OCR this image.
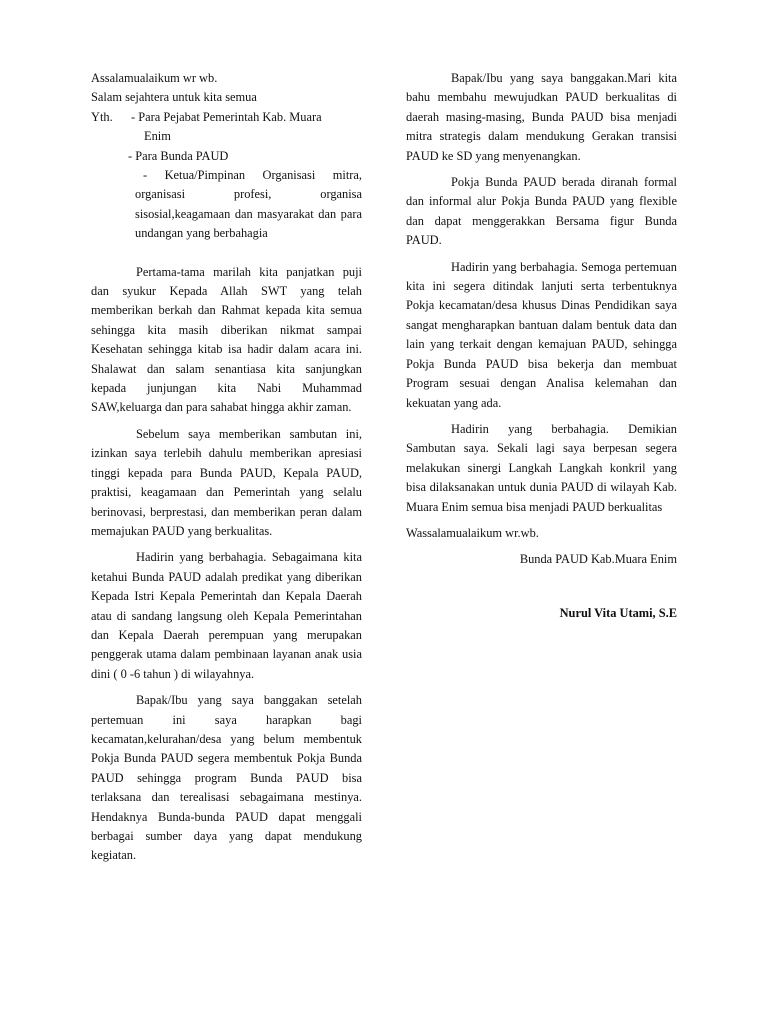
Assalamualaikum wr wb.
Salam sejahtera untuk kita semua
Yth. - Para Pejabat Pemerintah Kab. Muara
Enim
- Para Bunda PAUD
- Ketua/Pimpinan Organisasi mitra, organisasi profesi, organisa sisosial,keagamaan dan masyarakat dan para undangan yang berbahagia
Pertama-tama marilah kita panjatkan puji dan syukur Kepada Allah SWT yang telah memberikan berkah dan Rahmat kepada kita semua sehingga kita masih diberikan nikmat sampai Kesehatan sehingga kitab isa hadir dalam acara ini. Shalawat dan salam senantiasa kita sanjungkan kepada junjungan kita Nabi Muhammad SAW,keluarga dan para sahabat hingga akhir zaman.
Sebelum saya memberikan sambutan ini, izinkan saya terlebih dahulu memberikan apresiasi tinggi kepada para Bunda PAUD, Kepala PAUD, praktisi, keagamaan dan Pemerintah yang selalu berinovasi, berprestasi, dan memberikan peran dalam memajukan PAUD yang berkualitas.
Hadirin yang berbahagia. Sebagaimana kita ketahui Bunda PAUD adalah predikat yang diberikan Kepada Istri Kepala Pemerintah dan Kepala Daerah atau di sandang langsung oleh Kepala Pemerintahan dan Kepala Daerah perempuan yang merupakan penggerak utama dalam pembinaan layanan anak usia dini ( 0 -6 tahun ) di wilayahnya.
Bapak/Ibu yang saya banggakan setelah pertemuan ini saya harapkan bagi kecamatan,kelurahan/desa yang belum membentuk Pokja Bunda PAUD segera membentuk Pokja Bunda PAUD sehingga program Bunda PAUD bisa terlaksana dan terealisasi sebagaimana mestinya. Hendaknya Bunda-bunda PAUD dapat menggali berbagai sumber daya yang dapat mendukung kegiatan.
Bapak/Ibu yang saya banggakan.Mari kita bahu membahu mewujudkan PAUD berkualitas di daerah masing-masing, Bunda PAUD bisa menjadi mitra strategis dalam mendukung Gerakan transisi PAUD ke SD yang menyenangkan.
Pokja Bunda PAUD berada diranah formal dan informal alur Pokja Bunda PAUD yang flexible dan dapat menggerakkan Bersama figur Bunda PAUD.
Hadirin yang berbahagia. Semoga pertemuan kita ini segera ditindak lanjuti serta terbentuknya Pokja kecamatan/desa khusus Dinas Pendidikan saya sangat mengharapkan bantuan dalam bentuk data dan lain yang terkait dengan kemajuan PAUD, sehingga Pokja Bunda PAUD bisa bekerja dan membuat Program sesuai dengan Analisa kelemahan dan kekuatan yang ada.
Hadirin yang berbahagia. Demikian Sambutan saya. Sekali lagi saya berpesan segera melakukan sinergi Langkah Langkah konkril yang bisa dilaksanakan untuk dunia PAUD di wilayah Kab. Muara Enim semua bisa menjadi PAUD berkualitas
Wassalamualaikum wr.wb.
Bunda PAUD Kab.Muara Enim
Nurul Vita Utami, S.E
